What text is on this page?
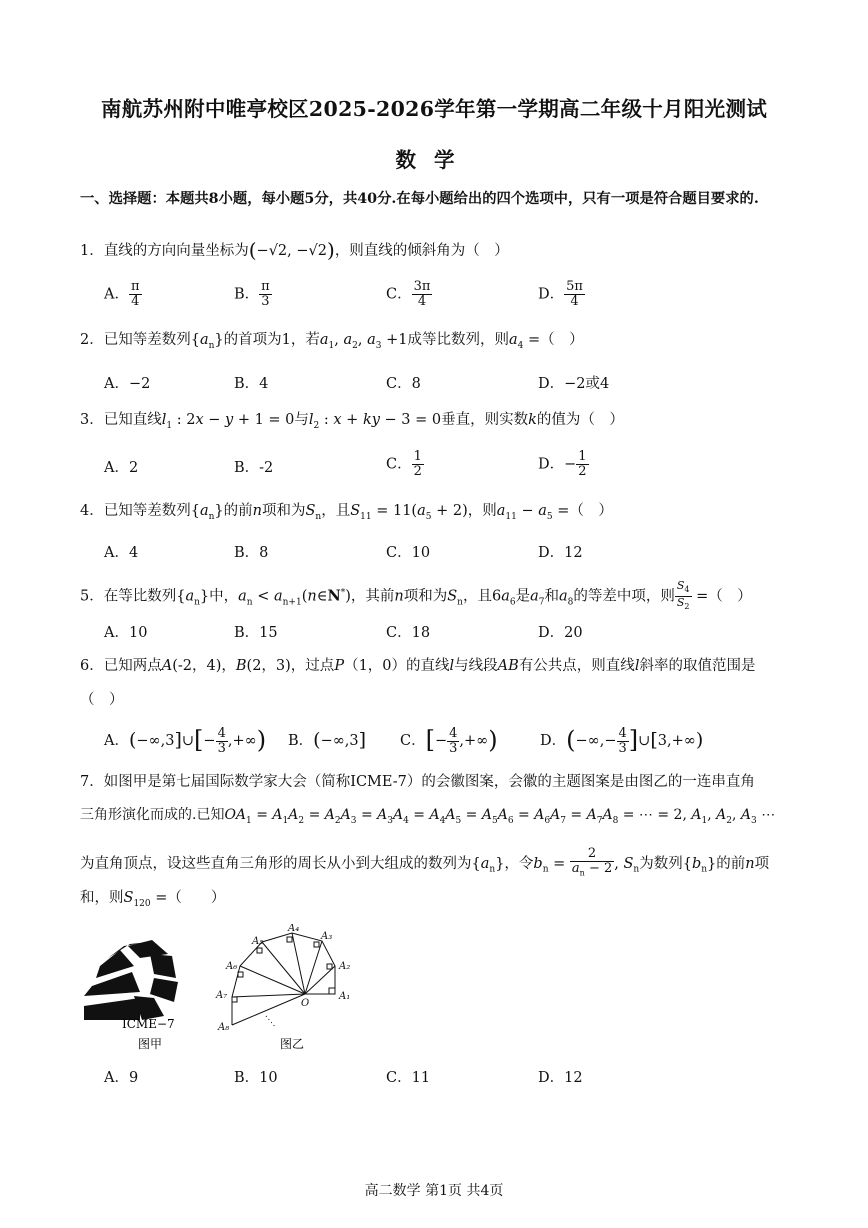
南航苏州附中唯亭校区2025-2026学年第一学期高二年级十月阳光测试
数学
一、选择题：本题共8小题，每小题5分，共40分.在每小题给出的四个选项中，只有一项是符合题目要求的.
1．直线的方向向量坐标为(−√2, −√2)，则直线的倾斜角为（　）
A． $\frac{\pi}{4}$	B． $\frac{\pi}{3}$	C． $\frac{3\pi}{4}$	D． $\frac{5\pi}{4}$
2．已知等差数列$\{a_n\}$的首项为1，若$a_1$, $a_2$, $a_3 +1$成等比数列，则$a_4$ =（　）
A．−2	B．4	C．8	D．−2或4
3．已知直线$l_1$ : 2x − y + 1 = 0与$l_2$ : x + ky − 3 = 0垂直，则实数k的值为（　）
A．2	B．-2	C． $\frac{1}{2}$	D．− $\frac{1}{2}$
4．已知等差数列$\{a_n\}$的前n项和为$S_n$，且$S_{11} = 11(a_5 + 2)$，则$a_{11} - a_5$ =（　）
A．4	B．8	C．10	D．12
5．在等比数列$\{a_n\}$中，$a_n$ < $a_{n+1}(n\in N^*)$，其前n项和为$S_n$，且$6a_6$是$a_7$和$a_8$的等差中项，则 $\frac{S_4}{S_2}$ =（　）
A．10	B．15	C．18	D．20
6．已知两点A(-2，4)，B(2，3)，过点P（1，0）的直线l与线段AB有公共点，则直线l斜率的取值范围是
（　）
A．(−∞,3]∪[− $\frac{4}{3}$ ,+∞) B．(−∞,3] C．[− $\frac{4}{3}$ ,+∞)	D．(−∞,− $\frac{4}{3}$ ]∪[3,+∞)
7．如图甲是第七届国际数学家大会（简称ICME-7）的会徽图案，会徽的主题图案是由图乙的一连串直角
三角形演化而成的.已知$OA_1 = A_1A_2 = A_2A_3 = A_3A_4 = A_4A_5 = A_5A_6 = A_6A_7 = A_7A_8$ = ⋯ = 2, $A_1$, $A_2$, $A_3$ ⋯
为直角顶点，设这些直角三角形的周长从小到大组成的数列为$\{a_n\}$，令$b_n = \frac{2}{a_n - 2}$ , $S_n$为数列$\{b_n\}$的前n项
和，则$S_{120}$ =（　　）
ICME−7
图甲
A₁
A₂
A₃
A₄
A₅
A₆
A₇
A₈
O
图乙
A．9	B．10	C．11	D．12
高二数学 第1页 共4页
